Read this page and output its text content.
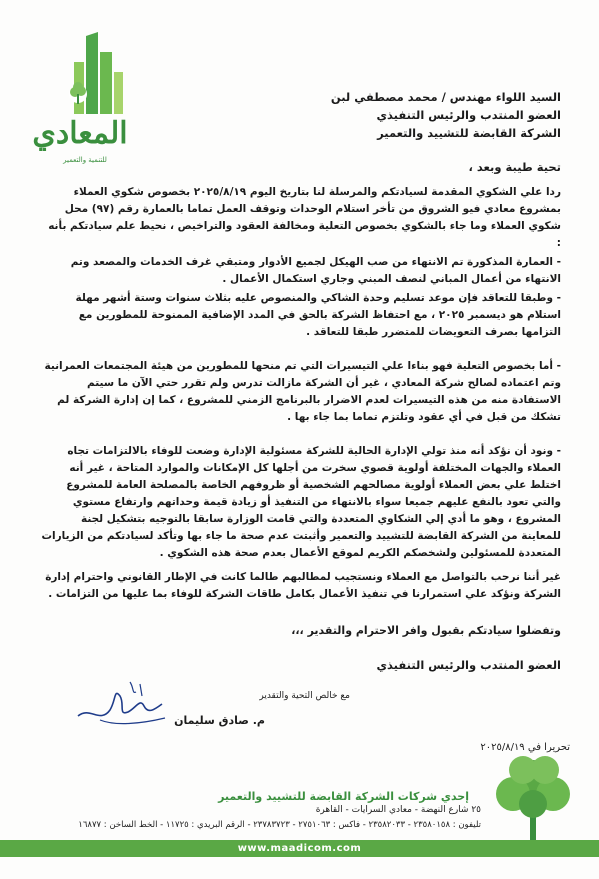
المعادي
للتنمية والتعمير
السيد اللواء مهندس / محمد مصطفي لبن
العضو المنتدب والرئيس التنفيذي
الشركة القابضة للتشييد والتعمير
تحية طيبة وبعد ،
ردا علي الشكوي المقدمة لسيادتكم والمرسلة لنا بتاريخ اليوم ٢٠٢٥/٨/١٩ بخصوص شكوي العملاء بمشروع معادي فيو الشروق من تأخر استلام الوحدات وتوقف العمل تماما بالعمارة رقم (٩٧) محل شكوي العملاء وما جاء بالشكوي بخصوص التعلية ومخالفة العقود والتراخيص ، نحيط علم سيادتكم بأنه :
- العمارة المذكورة تم الانتهاء من صب الهيكل لجميع الأدوار ومتبقي غرف الخدمات والمصعد وتم الانتهاء من أعمال المباني لنصف المبني وجاري استكمال الأعمال .
- وطبقا للتعاقد فإن موعد تسليم وحدة الشاكي والمنصوص عليه بثلاث سنوات وستة أشهر مهلة استلام هو ديسمبر ٢٠٢٥ ، مع احتفاظ الشركة بالحق في المدد الإضافية الممنوحة للمطورين مع التزامها بصرف التعويضات للمتضرر طبقا للتعاقد .
- أما بخصوص التعلية فهو بناءا علي التيسيرات التي تم منحها للمطورين من هيئة المجتمعات العمرانية وتم اعتماده لصالح شركة المعادي ، غير أن الشركة مازالت تدرس ولم تقرر حتي الآن ما سيتم الاستفادة منه من هذه التيسيرات لعدم الاضرار بالبرنامج الزمني للمشروع ، كما إن إدارة الشركة لم تشكك من قبل في أي عقود وتلتزم تماما بما جاء بها .
- ونود أن نؤكد أنه منذ تولي الإدارة الحالية للشركة مسئولية الإدارة وضعت للوفاء بالالتزامات تجاه العملاء والجهات المختلفة أولوية قصوي سخرت من أجلها كل الإمكانات والموارد المتاحة ، غير أنه اختلط علي بعض العملاء أولوية مصالحهم الشخصية أو ظروفهم الخاصة بالمصلحة العامة للمشروع والتي تعود بالنفع عليهم جميعا سواء بالانتهاء من التنفيذ أو زيادة قيمة وحداتهم وارتفاع مستوي المشروع ، وهو ما أدي إلي الشكاوي المتعددة والتي قامت الوزارة سابقا بالتوجيه بتشكيل لجنة للمعاينة من الشركة القابضة للتشييد والتعمير وأثبتت عدم صحة ما جاء بها وتأكد لسيادتكم من الزيارات المتعددة للمسئولين ولشخصكم الكريم لموقع الأعمال بعدم صحة هذه الشكوي .
غير أننا نرحب بالتواصل مع العملاء ونستجيب لمطالبهم طالما كانت في الإطار القانوني واحترام إدارة الشركة ونؤكد علي استمرارنا في تنفيذ الأعمال بكامل طاقات الشركة للوفاء بما عليها من التزامات .
وتفضلوا سيادتكم بقبول وافر الاحترام والتقدير ،،،
العضو المنتدب والرئيس التنفيذي
مع خالص التحية والتقدير
م. صادق سليمان
تحريرا في ٢٠٢٥/٨/١٩
إحدي شركات الشركة القابضة للتشييد والتعمير
٢٥ شارع النهضة - معادي السرايات - القاهرة
تليفون : ٢٣٥٨٠١٥٨ - ٢٣٥٨٢٠٣٣ - فاكس : ٢٧٥١٠٦٣ - ٢٣٧٨٣٧٢٣ - الرقم البريدي : ١١٧٢٥ - الخط الساخن : ١٦٨٧٧
www.maadicom.com
